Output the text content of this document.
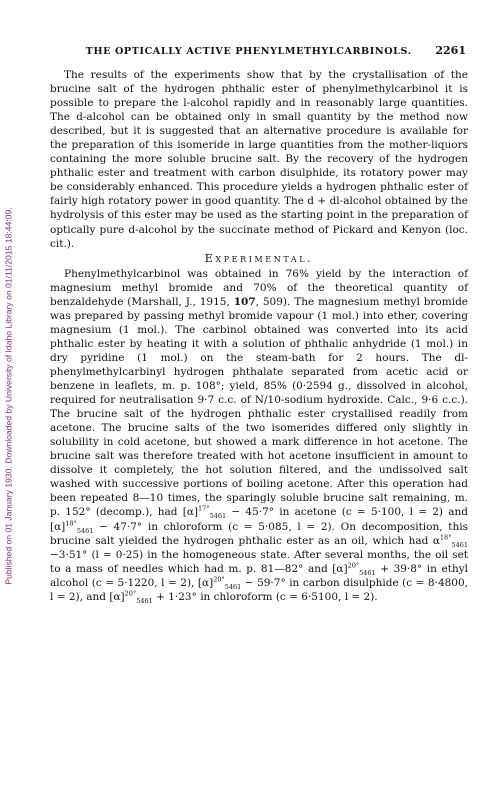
Published on 01 January 1930. Downloaded by University of Idaho Library on 01/11/2015 18:44:09.
THE OPTICALLY ACTIVE PHENYLMETHYLCARBINOLS.	2261

The results of the experiments show that by the crystallisation of the brucine salt of the hydrogen phthalic ester of phenylmethylcarbinol it is possible to prepare the l-alcohol rapidly and in reasonably large quantities. The d-alcohol can be obtained only in small quantity by the method now described, but it is suggested that an alternative procedure is available for the preparation of this isomeride in large quantities from the mother-liquors containing the more soluble brucine salt. By the recovery of the hydrogen phthalic ester and treatment with carbon disulphide, its rotatory power may be considerably enhanced. This procedure yields a hydrogen phthalic ester of fairly high rotatory power in good quantity. The d + dl-alcohol obtained by the hydrolysis of this ester may be used as the starting point in the preparation of optically pure d-alcohol by the succinate method of Pickard and Kenyon (loc. cit.).

Experimental.

Phenylmethylcarbinol was obtained in 76% yield by the interaction of magnesium methyl bromide and 70% of the theoretical quantity of benzaldehyde (Marshall, J., 1915, 107, 509). The magnesium methyl bromide was prepared by passing methyl bromide vapour (1 mol.) into ether, covering magnesium (1 mol.). The carbinol obtained was converted into its acid phthalic ester by heating it with a solution of phthalic anhydride (1 mol.) in dry pyridine (1 mol.) on the steam-bath for 2 hours. The dl-phenylmethylcarbinyl hydrogen phthalate separated from acetic acid or benzene in leaflets, m. p. 108°; yield, 85% (0·2594 g., dissolved in alcohol, required for neutralisation 9·7 c.c. of N/10-sodium hydroxide. Calc., 9·6 c.c.). The brucine salt of the hydrogen phthalic ester crystallised readily from acetone. The brucine salts of the two isomerides differed only slightly in solubility in cold acetone, but showed a mark difference in hot acetone. The brucine salt was therefore treated with hot acetone insufficient in amount to dissolve it completely, the hot solution filtered, and the undissolved salt washed with successive portions of boiling acetone. After this operation had been repeated 8—10 times, the sparingly soluble brucine salt remaining, m. p. 152° (decomp.), had $[\alpha]^{17^\circ}_{5461} - 45\cdot 7^\circ$ in acetone (c = 5·100, l = 2) and $[\alpha]^{18^\circ}_{5461} - 47\cdot 7^\circ$ in chloroform (c = 5·085, l = 2). On decomposition, this brucine salt yielded the hydrogen phthalic ester as an oil, which had $\alpha^{18^\circ}_{5461} -3\cdot 51^\circ$ (l = 0·25) in the homogeneous state. After several months, the oil set to a mass of needles which had m. p. 81—82° and $[\alpha]^{20^\circ}_{5461} + 39\cdot 8^\circ$ in ethyl alcohol (c = 5·1220, l = 2), $[\alpha]^{20^\circ}_{5461} - 59\cdot 7^\circ$ in carbon disulphide (c = 8·4800, l = 2), and $[\alpha]^{20^\circ}_{5461} + 1\cdot 23^\circ$ in chloroform (c = 6·5100, l = 2).
